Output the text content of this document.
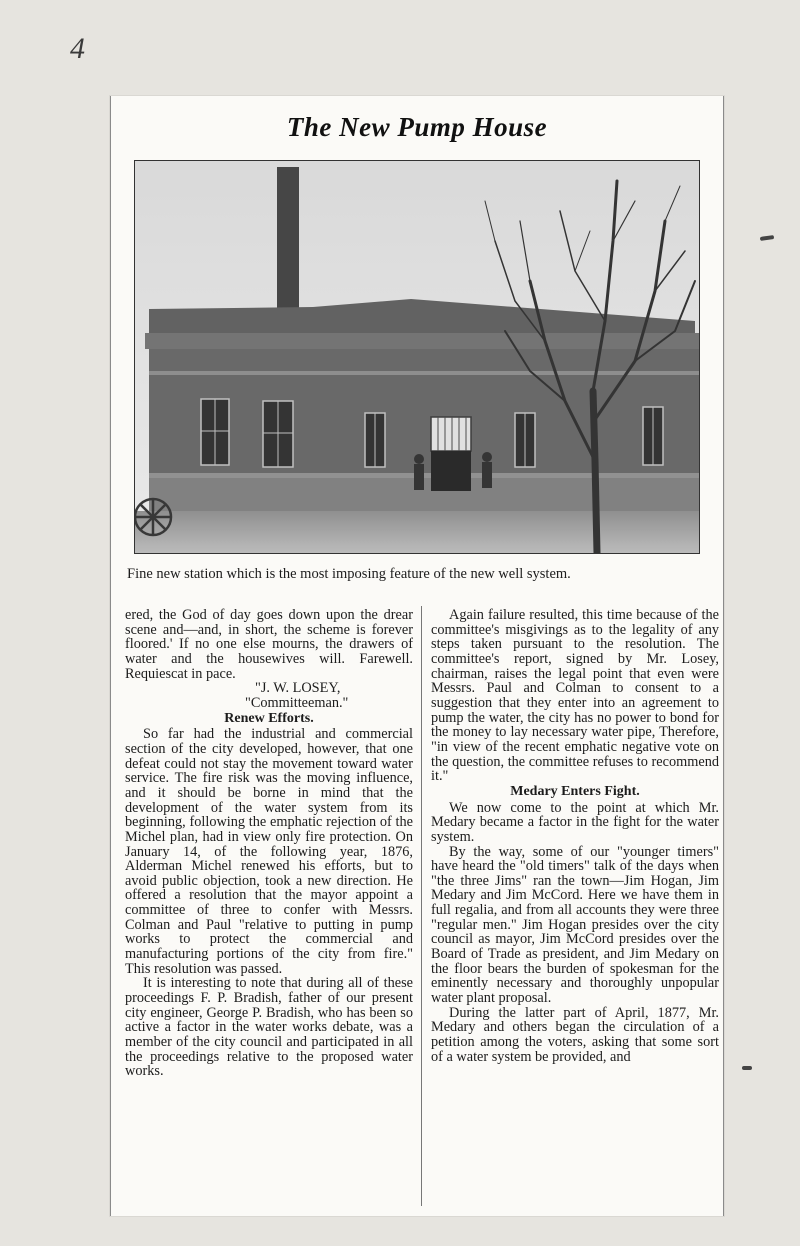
4
The New Pump House
Fine new station which is the most imposing feature of the new well system.

ered, the God of day goes down upon the drear scene and—and, in short, the scheme is forever floored.' If no one else mourns, the drawers of water and the housewives will. Farewell. Requiescat in pace.

"J. W. LOSEY,

"Committeeman."

Renew Efforts.

So far had the industrial and commercial section of the city developed, however, that one defeat could not stay the movement toward water service. The fire risk was the moving influence, and it should be borne in mind that the development of the water system from its beginning, following the emphatic rejection of the Michel plan, had in view only fire protection. On January 14, of the following year, 1876, Alderman Michel renewed his efforts, but to avoid public objection, took a new direction. He offered a resolution that the mayor appoint a committee of three to confer with Messrs. Colman and Paul "relative to putting in pump works to protect the commercial and manufacturing portions of the city from fire." This resolution was passed.

It is interesting to note that during all of these proceedings F. P. Bradish, father of our present city engineer, George P. Bradish, who has been so active a factor in the water works debate, was a member of the city council and participated in all the proceedings relative to the proposed water works.

Again failure resulted, this time because of the committee's misgivings as to the legality of any steps taken pursuant to the resolution. The committee's report, signed by Mr. Losey, chairman, raises the legal point that even were Messrs. Paul and Colman to consent to a suggestion that they enter into an agreement to pump the water, the city has no power to bond for the money to lay necessary water pipe, Therefore, "in view of the recent emphatic negative vote on the question, the committee refuses to recommend it."

Medary Enters Fight.

We now come to the point at which Mr. Medary became a factor in the fight for the water system.

By the way, some of our "younger timers" have heard the "old timers" talk of the days when "the three Jims" ran the town—Jim Hogan, Jim Medary and Jim McCord. Here we have them in full regalia, and from all accounts they were three "regular men." Jim Hogan presides over the city council as mayor, Jim McCord presides over the Board of Trade as president, and Jim Medary on the floor bears the burden of spokesman for the eminently necessary and thoroughly unpopular water plant proposal.

During the latter part of April, 1877, Mr. Medary and others began the circulation of a petition among the voters, asking that some sort of a water system be provided, and
